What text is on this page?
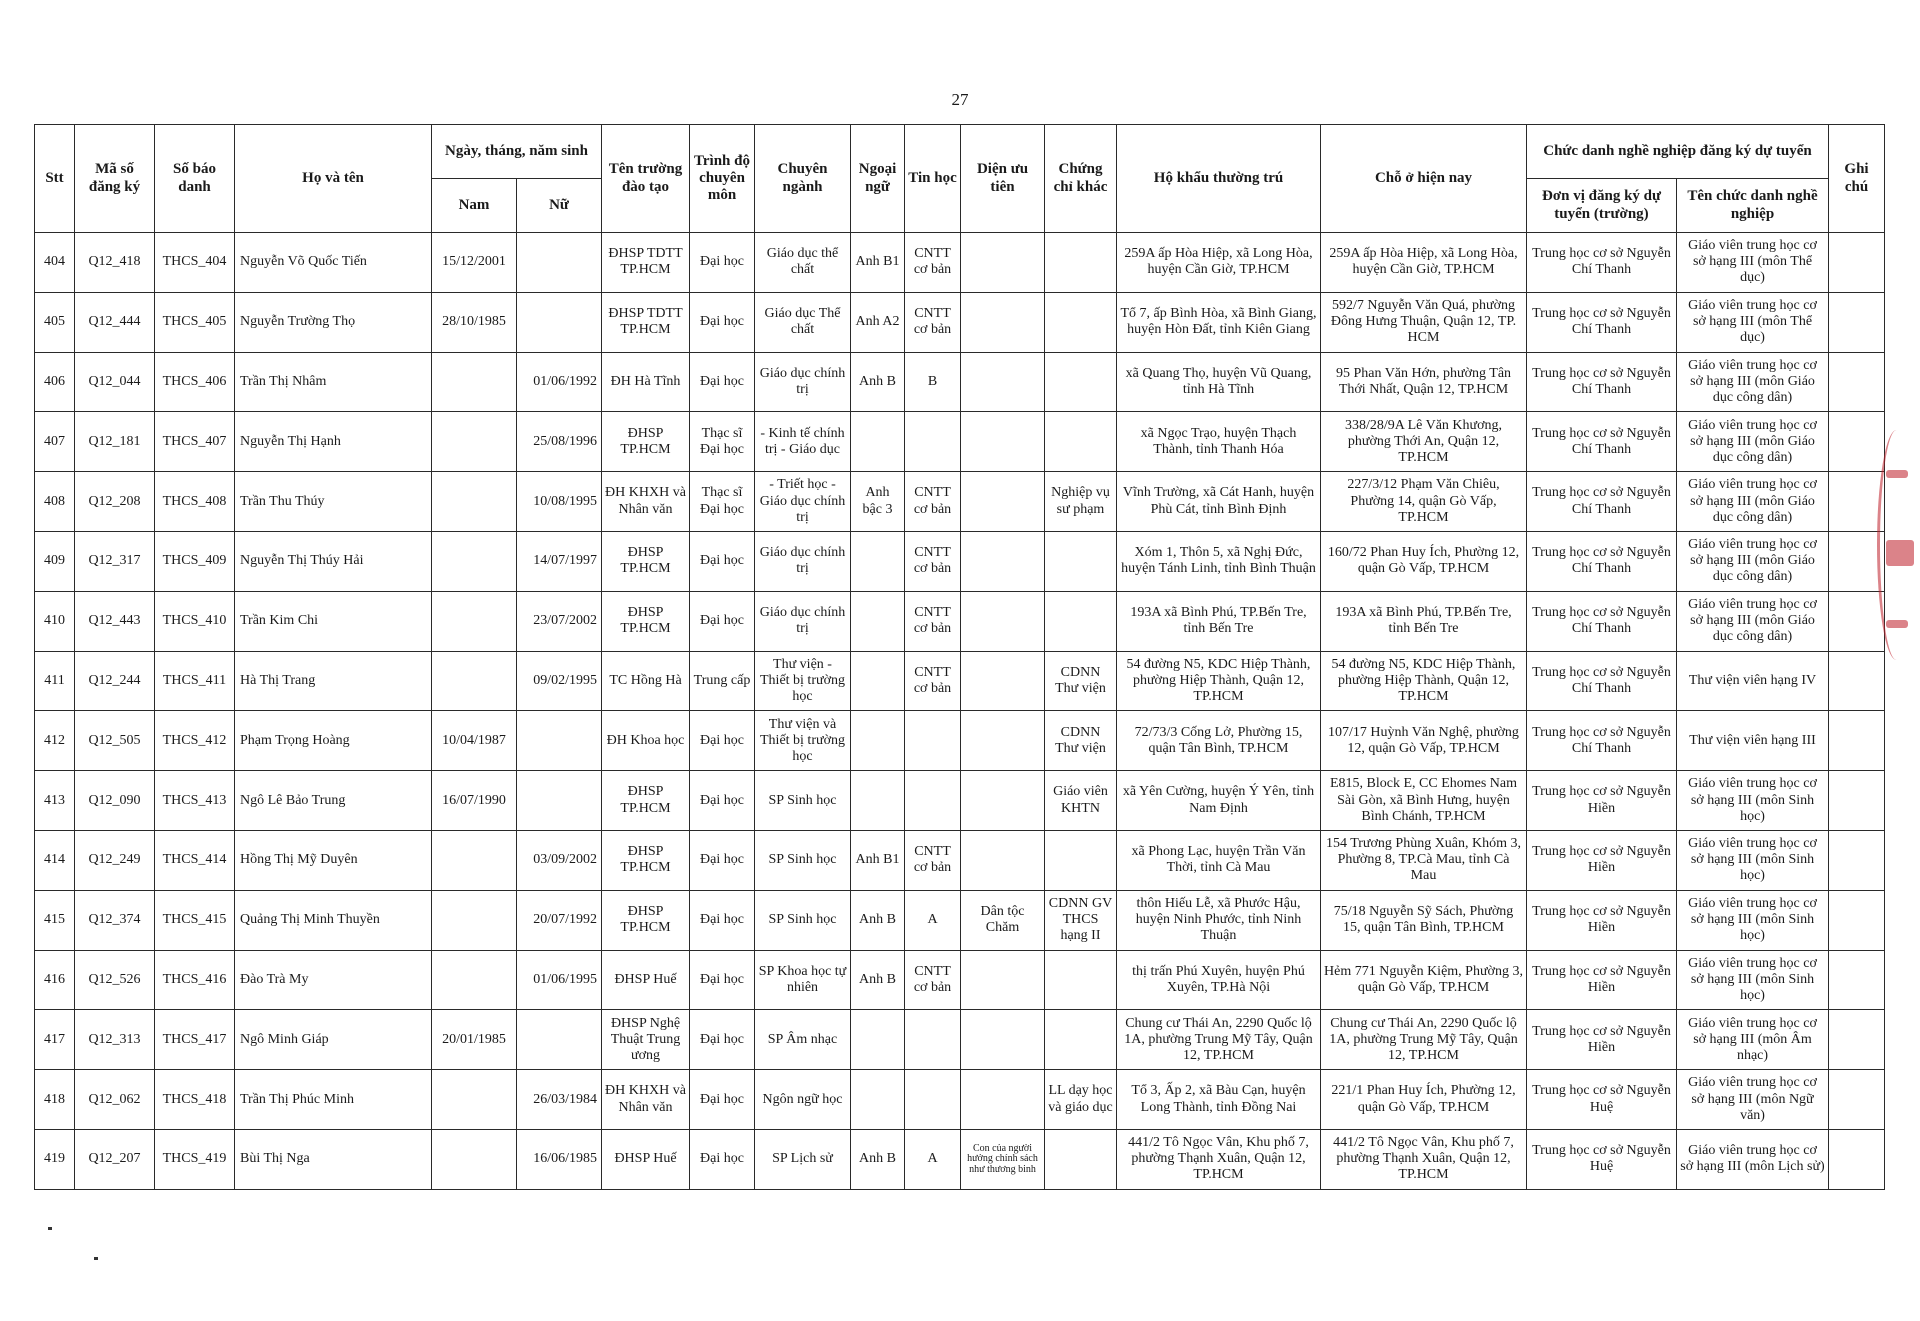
27
Stt	Mã số đăng ký	Số báo danh	Họ và tên	Ngày, tháng, năm sinh		Tên trường đào tạo	Trình độ chuyên môn	Chuyên ngành	Ngoại ngữ	Tin học	Diện ưu tiên	Chứng chỉ khác	Hộ khẩu thường trú	Chỗ ở hiện nay	Chức danh nghề nghiệp đăng ký dự tuyển		Ghi chú
				Nam	Nữ										Đơn vị đăng ký dự tuyển (trường)	Tên chức danh nghề nghiệp	
404	Q12_418	THCS_404	Nguyễn Võ Quốc Tiến	15/12/2001		ĐHSP TDTT TP.HCM	Đại học	Giáo dục thể chất	Anh B1	CNTT cơ bản			259A ấp Hòa Hiệp, xã Long Hòa, huyện Cần Giờ, TP.HCM	259A ấp Hòa Hiệp, xã Long Hòa, huyện Cần Giờ, TP.HCM	Trung học cơ sở Nguyễn Chí Thanh	Giáo viên trung học cơ sở hạng III (môn Thể dục)	
405	Q12_444	THCS_405	Nguyễn Trường Thọ	28/10/1985		ĐHSP TDTT TP.HCM	Đại học	Giáo dục Thể chất	Anh A2	CNTT cơ bản			Tổ 7, ấp Bình Hòa, xã Bình Giang, huyện Hòn Đất, tỉnh Kiên Giang	592/7 Nguyễn Văn Quá, phường Đông Hưng Thuận, Quận 12, TP. HCM	Trung học cơ sở Nguyễn Chí Thanh	Giáo viên trung học cơ sở hạng III (môn Thể dục)	
406	Q12_044	THCS_406	Trần Thị Nhâm		01/06/1992	ĐH Hà Tĩnh	Đại học	Giáo dục chính trị	Anh B	B			xã Quang Thọ, huyện Vũ Quang, tỉnh Hà Tĩnh	95 Phan Văn Hớn, phường Tân Thới Nhất, Quận 12, TP.HCM	Trung học cơ sở Nguyễn Chí Thanh	Giáo viên trung học cơ sở hạng III (môn Giáo dục công dân)	
407	Q12_181	THCS_407	Nguyễn Thị Hạnh		25/08/1996	ĐHSP TP.HCM	Thạc sĩ Đại học	- Kinh tế chính trị - Giáo dục					xã Ngọc Trạo, huyện Thạch Thành, tỉnh Thanh Hóa	338/28/9A Lê Văn Khương, phường Thới An, Quận 12, TP.HCM	Trung học cơ sở Nguyễn Chí Thanh	Giáo viên trung học cơ sở hạng III (môn Giáo dục công dân)	
408	Q12_208	THCS_408	Trần Thu Thúy		10/08/1995	ĐH KHXH và Nhân văn	Thạc sĩ Đại học	- Triết học - Giáo dục chính trị	Anh bậc 3	CNTT cơ bản		Nghiệp vụ sư phạm	Vĩnh Trường, xã Cát Hanh, huyện Phù Cát, tỉnh Bình Định	227/3/12 Phạm Văn Chiêu, Phường 14, quận Gò Vấp, TP.HCM	Trung học cơ sở Nguyễn Chí Thanh	Giáo viên trung học cơ sở hạng III (môn Giáo dục công dân)	
409	Q12_317	THCS_409	Nguyễn Thị Thúy Hải		14/07/1997	ĐHSP TP.HCM	Đại học	Giáo dục chính trị		CNTT cơ bản			Xóm 1, Thôn 5, xã Nghị Đức, huyện Tánh Linh, tỉnh Bình Thuận	160/72 Phan Huy Ích, Phường 12, quận Gò Vấp, TP.HCM	Trung học cơ sở Nguyễn Chí Thanh	Giáo viên trung học cơ sở hạng III (môn Giáo dục công dân)	
410	Q12_443	THCS_410	Trần Kim Chi		23/07/2002	ĐHSP TP.HCM	Đại học	Giáo dục chính trị		CNTT cơ bản			193A xã Bình Phú, TP.Bến Tre, tỉnh Bến Tre	193A xã Bình Phú, TP.Bến Tre, tỉnh Bến Tre	Trung học cơ sở Nguyễn Chí Thanh	Giáo viên trung học cơ sở hạng III (môn Giáo dục công dân)	
411	Q12_244	THCS_411	Hà Thị Trang		09/02/1995	TC Hồng Hà	Trung cấp	Thư viện - Thiết bị trường học		CNTT cơ bản		CDNN Thư viện	54 đường N5, KDC Hiệp Thành, phường Hiệp Thành, Quận 12, TP.HCM	54 đường N5, KDC Hiệp Thành, phường Hiệp Thành, Quận 12, TP.HCM	Trung học cơ sở Nguyễn Chí Thanh	Thư viện viên hạng IV	
412	Q12_505	THCS_412	Phạm Trọng Hoàng	10/04/1987		ĐH Khoa học	Đại học	Thư viện và Thiết bị trường học				CDNN Thư viện	72/73/3 Cống Lở, Phường 15, quận Tân Bình, TP.HCM	107/17 Huỳnh Văn Nghệ, phường 12, quận Gò Vấp, TP.HCM	Trung học cơ sở Nguyễn Chí Thanh	Thư viện viên hạng III	
413	Q12_090	THCS_413	Ngô Lê Bảo Trung	16/07/1990		ĐHSP TP.HCM	Đại học	SP Sinh học				Giáo viên KHTN	xã Yên Cường, huyện Ý Yên, tỉnh Nam Định	E815, Block E, CC Ehomes Nam Sài Gòn, xã Bình Hưng, huyện Bình Chánh, TP.HCM	Trung học cơ sở Nguyễn Hiền	Giáo viên trung học cơ sở hạng III (môn Sinh học)	
414	Q12_249	THCS_414	Hồng Thị Mỹ Duyên		03/09/2002	ĐHSP TP.HCM	Đại học	SP Sinh học	Anh B1	CNTT cơ bản			xã Phong Lạc, huyện Trần Văn Thời, tỉnh Cà Mau	154 Trương Phùng Xuân, Khóm 3, Phường 8, TP.Cà Mau, tỉnh Cà Mau	Trung học cơ sở Nguyễn Hiền	Giáo viên trung học cơ sở hạng III (môn Sinh học)	
415	Q12_374	THCS_415	Quảng Thị Minh Thuyền		20/07/1992	ĐHSP TP.HCM	Đại học	SP Sinh học	Anh B	A	Dân tộc Chăm	CDNN GV THCS hạng II	thôn Hiếu Lễ, xã Phước Hậu, huyện Ninh Phước, tỉnh Ninh Thuận	75/18 Nguyễn Sỹ Sách, Phường 15, quận Tân Bình, TP.HCM	Trung học cơ sở Nguyễn Hiền	Giáo viên trung học cơ sở hạng III (môn Sinh học)	
416	Q12_526	THCS_416	Đào Trà My		01/06/1995	ĐHSP Huế	Đại học	SP Khoa học tự nhiên	Anh B	CNTT cơ bản			thị trấn Phú Xuyên, huyện Phú Xuyên, TP.Hà Nội	Hẻm 771 Nguyễn Kiệm, Phường 3, quận Gò Vấp, TP.HCM	Trung học cơ sở Nguyễn Hiền	Giáo viên trung học cơ sở hạng III (môn Sinh học)	
417	Q12_313	THCS_417	Ngô Minh Giáp	20/01/1985		ĐHSP Nghệ Thuật Trung ương	Đại học	SP Âm nhạc					Chung cư Thái An, 2290 Quốc lộ 1A, phường Trung Mỹ Tây, Quận 12, TP.HCM	Chung cư Thái An, 2290 Quốc lộ 1A, phường Trung Mỹ Tây, Quận 12, TP.HCM	Trung học cơ sở Nguyễn Hiền	Giáo viên trung học cơ sở hạng III (môn Âm nhạc)	
418	Q12_062	THCS_418	Trần Thị Phúc Minh		26/03/1984	ĐH KHXH và Nhân văn	Đại học	Ngôn ngữ học				LL dạy học và giáo dục	Tổ 3, Ấp 2, xã Bàu Cạn, huyện Long Thành, tỉnh Đồng Nai	221/1 Phan Huy Ích, Phường 12, quận Gò Vấp, TP.HCM	Trung học cơ sở Nguyễn Huệ	Giáo viên trung học cơ sở hạng III (môn Ngữ văn)	
419	Q12_207	THCS_419	Bùi Thị Nga		16/06/1985	ĐHSP Huế	Đại học	SP Lịch sử	Anh B	A	Con của người hưởng chính sách như thương binh		441/2 Tô Ngọc Vân, Khu phố 7, phường Thạnh Xuân, Quận 12, TP.HCM	441/2 Tô Ngọc Vân, Khu phố 7, phường Thạnh Xuân, Quận 12, TP.HCM	Trung học cơ sở Nguyễn Huệ	Giáo viên trung học cơ sở hạng III (môn Lịch sử)	
